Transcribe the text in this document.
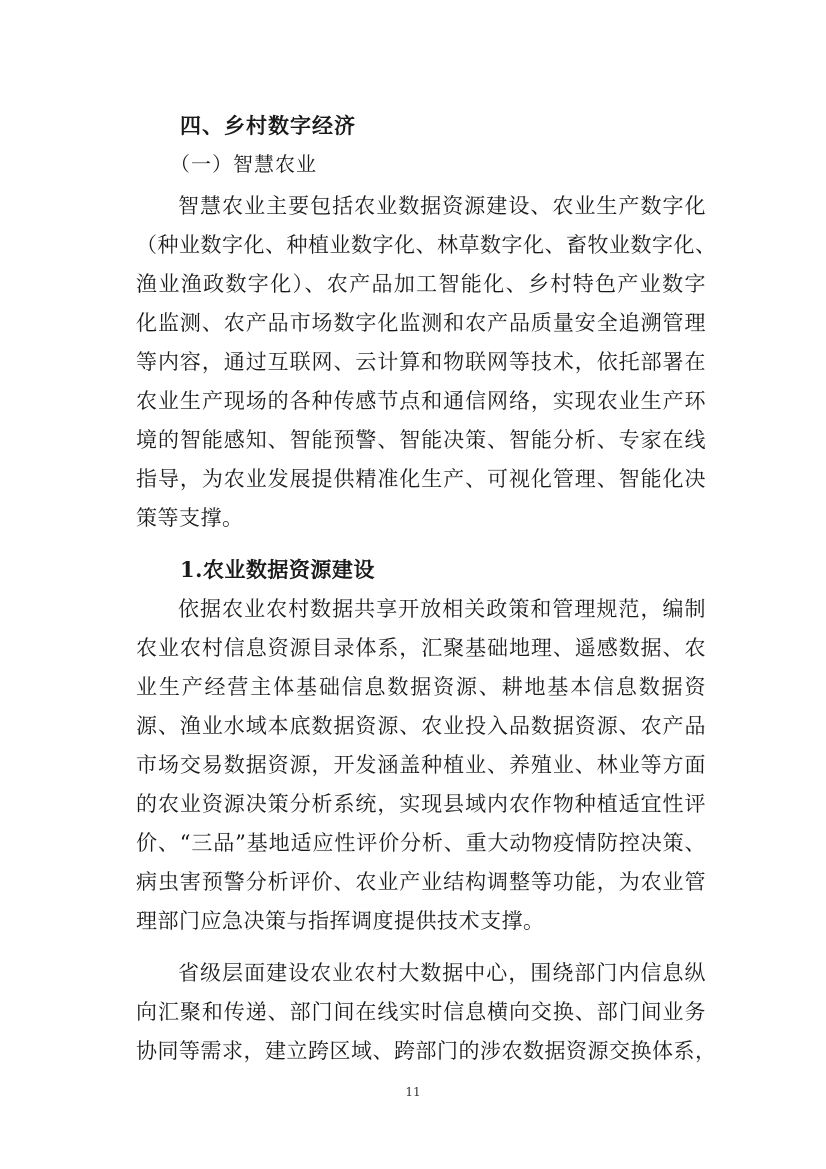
四、乡村数字经济
（一）智慧农业
智慧农业主要包括农业数据资源建设、农业生产数字化
（种业数字化、种植业数字化、林草数字化、畜牧业数字化、
渔业渔政数字化）、农产品加工智能化、乡村特色产业数字
化监测、农产品市场数字化监测和农产品质量安全追溯管理
等内容，通过互联网、云计算和物联网等技术，依托部署在
农业生产现场的各种传感节点和通信网络，实现农业生产环
境的智能感知、智能预警、智能决策、智能分析、专家在线
指导，为农业发展提供精准化生产、可视化管理、智能化决
策等支撑。
1.农业数据资源建设
依据农业农村数据共享开放相关政策和管理规范，编制
农业农村信息资源目录体系，汇聚基础地理、遥感数据、农
业生产经营主体基础信息数据资源、耕地基本信息数据资
源、渔业水域本底数据资源、农业投入品数据资源、农产品
市场交易数据资源，开发涵盖种植业、养殖业、林业等方面
的农业资源决策分析系统，实现县域内农作物种植适宜性评
价、“三品”基地适应性评价分析、重大动物疫情防控决策、
病虫害预警分析评价、农业产业结构调整等功能，为农业管
理部门应急决策与指挥调度提供技术支撑。
省级层面建设农业农村大数据中心，围绕部门内信息纵
向汇聚和传递、部门间在线实时信息横向交换、部门间业务
协同等需求，建立跨区域、跨部门的涉农数据资源交换体系，
11
